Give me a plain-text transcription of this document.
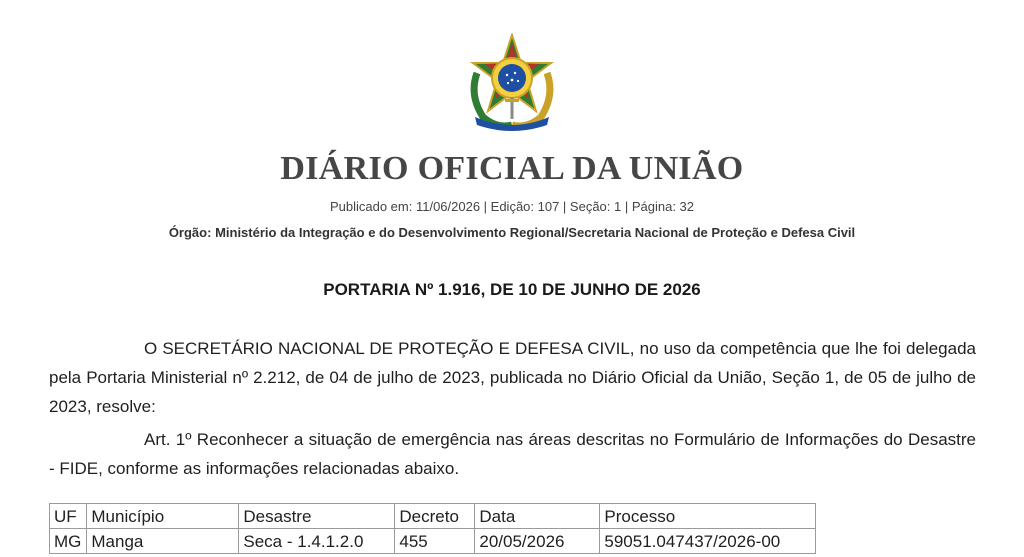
DIÁRIO OFICIAL DA UNIÃO
Publicado em: 11/06/2026 | Edição: 107 | Seção: 1 | Página: 32
Órgão: Ministério da Integração e do Desenvolvimento Regional/Secretaria Nacional de Proteção e Defesa Civil
PORTARIA Nº 1.916, DE 10 DE JUNHO DE 2026

O SECRETÁRIO NACIONAL DE PROTEÇÃO E DEFESA CIVIL, no uso da competência que lhe foi delegada pela Portaria Ministerial nº 2.212, de 04 de julho de 2023, publicada no Diário Oficial da União, Seção 1, de 05 de julho de 2023, resolve:

Art. 1º Reconhecer a situação de emergência nas áreas descritas no Formulário de Informações do Desastre - FIDE, conforme as informações relacionadas abaixo.

UF	Município	Desastre	Decreto	Data	Processo
MG	Manga	Seca - 1.4.1.2.0	455	20/05/2026	59051.047437/2026-00
